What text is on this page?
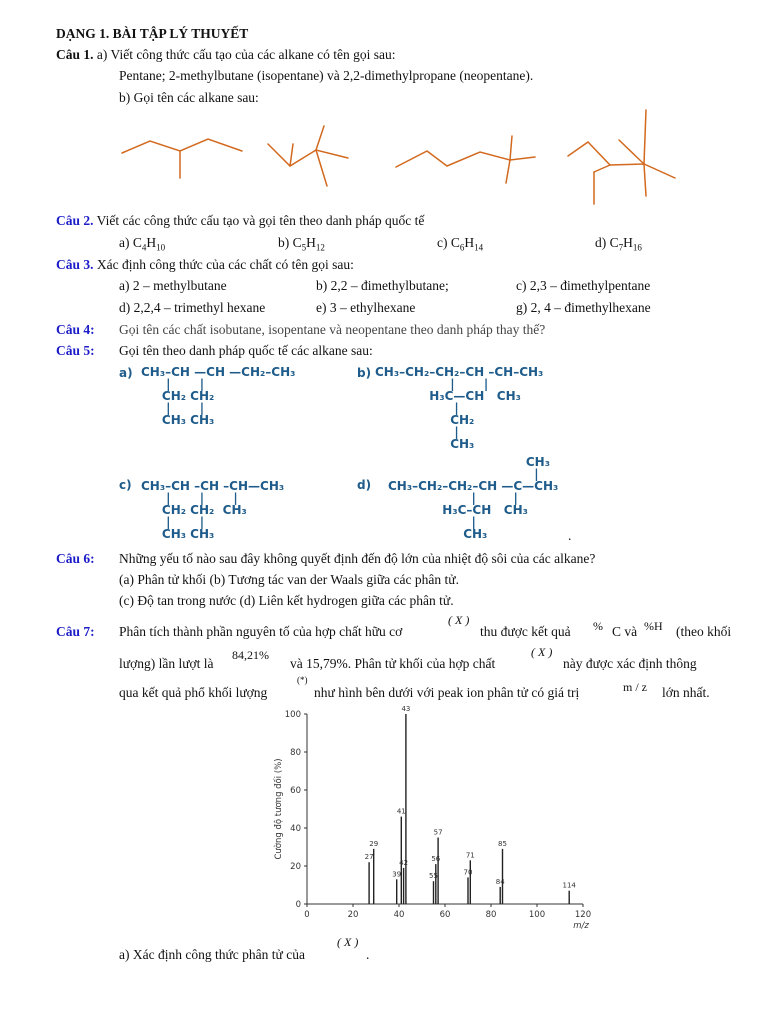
DẠNG 1. BÀI TẬP LÝ THUYẾT
Câu 1. a) Viết công thức cấu tạo của các alkane có tên gọi sau:
Pentane; 2-methylbutane (isopentane) và 2,2-dimethylpropane (neopentane).
b) Gọi tên các alkane sau:
Câu 2. Viết các công thức cấu tạo và gọi tên theo danh pháp quốc tế
a) $C_4H_{10}$	b) $C_5H_{12}$	c) $C_6H_{14}$	d) $C_7H_{16}$
Câu 3. Xác định công thức của các chất có tên gọi sau:
a) 2 – methylbutane	b) 2,2 – đimethylbutane;	c) 2,3 – đimethylpentane
d) 2,2,4 – trimethyl hexane	e) 3 – ethylhexane	g) 2, 4 – đimethylhexane
Câu 4: Gọi tên các chất isobutane, isopentane và neopentane theo danh pháp thay thế?
Câu 5: Gọi tên theo danh pháp quốc tế các alkane sau:
a) CH₃–CH —CH —CH₂–CH₃
|       |
CH₂ CH₂
|       |
CH₃ CH₃
b) CH₃–CH₂–CH₂–CH –CH–CH₃
|       |
H₃C—CH   CH₃
|
CH₂
|
CH₃
c) CH₃–CH –CH –CH—CH₃
|       |       |
CH₂ CH₂  CH₃
|       |
CH₃ CH₃
d)
CH₃
|
CH₃–CH₂–CH₂–CH —C—CH₃
|         |
H₃C–CH   CH₃
|
CH₃	.
Câu 6: Những yếu tố nào sau đây không quyết định đến độ lớn của nhiệt độ sôi của các alkane?
(a) Phân tử khối (b) Tương tác van der Waals giữa các phân tử.
(c) Độ tan trong nước (d) Liên kết hydrogen giữa các phân tử.
Câu 7: Phân tích thành phần nguyên tố của hợp chất hữu cơ
( X )
thu được kết quả % C và %H (theo khối
lượng) lần lượt là
84,21%
và 15,79%. Phân tử khối của hợp chất
( X )
này được xác định thông
qua kết quả phổ khối lượng
(*)
như hình bên dưới với peak ion phân tử có giá trị	m / z lớn nhất.
0
20
40
60
80
100
0	20	40	60	80	100	120
m/z
Cường độ tương đối (%)	27
29
39
41
42
43
55
56
57
70
71
84
85
114
a) Xác định công thức phân tử của
( X )
.
